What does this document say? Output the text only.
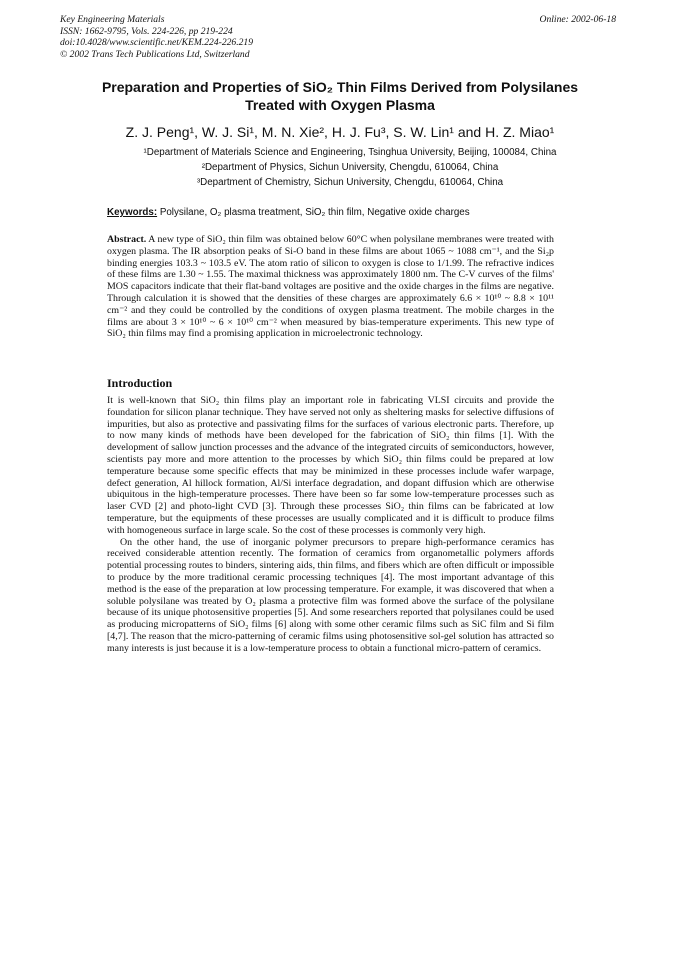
Key Engineering Materials
ISSN: 1662-9795, Vols. 224-226, pp 219-224
doi:10.4028/www.scientific.net/KEM.224-226.219
© 2002 Trans Tech Publications Ltd, Switzerland
Online: 2002-06-18
Preparation and Properties of SiO₂ Thin Films Derived from Polysilanes Treated with Oxygen Plasma
Z. J. Peng¹, W. J. Si¹, M. N. Xie², H. J. Fu³, S. W. Lin¹ and H. Z. Miao¹
¹Department of Materials Science and Engineering, Tsinghua University, Beijing, 100084, China
²Department of Physics, Sichun University, Chengdu, 610064, China
³Department of Chemistry, Sichun University, Chengdu, 610064, China
Keywords: Polysilane, O₂ plasma treatment, SiO₂ thin film, Negative oxide charges
Abstract. A new type of SiO₂ thin film was obtained below 60°C when polysilane membranes were treated with oxygen plasma. The IR absorption peaks of Si-O band in these films are about 1065 ~ 1088 cm⁻¹, and the Si₂p binding energies 103.3 ~ 103.5 eV. The atom ratio of silicon to oxygen is close to 1/1.99. The refractive indices of these films are 1.30 ~ 1.55. The maximal thickness was approximately 1800 nm. The C-V curves of the films' MOS capacitors indicate that their flat-band voltages are positive and the oxide charges in the films are negative. Through calculation it is showed that the densities of these charges are approximately 6.6 × 10¹⁰ ~ 8.8 × 10¹¹ cm⁻² and they could be controlled by the conditions of oxygen plasma treatment. The mobile charges in the films are about 3 × 10¹⁰ ~ 6 × 10¹⁰ cm⁻² when measured by bias-temperature experiments. This new type of SiO₂ thin films may find a promising application in microelectronic technology.
Introduction

It is well-known that SiO₂ thin films play an important role in fabricating VLSI circuits and provide the foundation for silicon planar technique. They have served not only as sheltering masks for selective diffusions of impurities, but also as protective and passivating films for the surfaces of various electronic parts. Therefore, up to now many kinds of methods have been developed for the fabrication of SiO₂ thin films [1]. With the development of sallow junction processes and the advance of the integrated circuits of semiconductors, however, scientists pay more and more attention to the processes by which SiO₂ thin films could be prepared at low temperature because some specific effects that may be minimized in these processes include wafer warpage, defect generation, Al hillock formation, Al/Si interface degradation, and dopant diffusion which are otherwise ubiquitous in the high-temperature processes. There have been so far some low-temperature processes such as laser CVD [2] and photo-light CVD [3]. Through these processes SiO₂ thin films can be fabricated at low temperature, but the equipments of these processes are usually complicated and it is difficult to produce films with homogeneous surface in large scale. So the cost of these processes is commonly very high.

On the other hand, the use of inorganic polymer precursors to prepare high-performance ceramics has received considerable attention recently. The formation of ceramics from organometallic polymers affords potential processing routes to binders, sintering aids, thin films, and fibers which are often difficult or impossible to produce by the more traditional ceramic processing techniques [4]. The most important advantage of this method is the ease of the preparation at low processing temperature. For example, it was discovered that when a soluble polysilane was treated by O₂ plasma a protective film was formed above the surface of the polysilane because of its unique photosensitive properties [5]. And some researchers reported that polysilanes could be used as producing micropatterns of SiO₂ films [6] along with some other ceramic films such as SiC film and Si film [4,7]. The reason that the micro-patterning of ceramic films using photosensitive sol-gel solution has attracted so many interests is just because it is a low-temperature process to obtain a functional micro-pattern of ceramics.
